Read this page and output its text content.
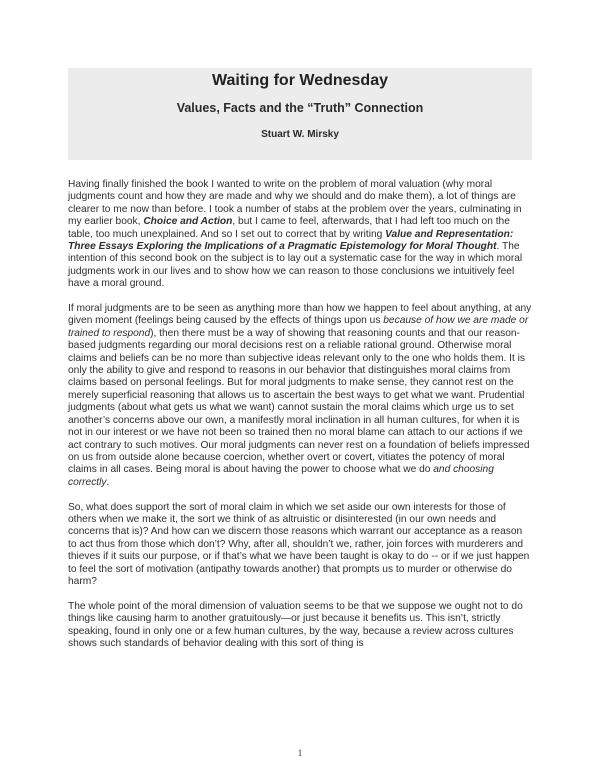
Waiting for Wednesday
Values, Facts and the “Truth” Connection
Stuart W. Mirsky

Having finally finished the book I wanted to write on the problem of moral valuation (why moral judgments count and how they are made and why we should and do make them), a lot of things are clearer to me now than before. I took a number of stabs at the problem over the years, culminating in my earlier book, Choice and Action, but I came to feel, afterwards, that I had left too much on the table, too much unexplained. And so I set out to correct that by writing Value and Representation: Three Essays Exploring the Implications of a Pragmatic Epistemology for Moral Thought. The intention of this second book on the subject is to lay out a systematic case for the way in which moral judgments work in our lives and to show how we can reason to those conclusions we intuitively feel have a moral ground.

If moral judgments are to be seen as anything more than how we happen to feel about anything, at any given moment (feelings being caused by the effects of things upon us because of how we are made or trained to respond), then there must be a way of showing that reasoning counts and that our reason-based judgments regarding our moral decisions rest on a reliable rational ground. Otherwise moral claims and beliefs can be no more than subjective ideas relevant only to the one who holds them. It is only the ability to give and respond to reasons in our behavior that distinguishes moral claims from claims based on personal feelings. But for moral judgments to make sense, they cannot rest on the merely superficial reasoning that allows us to ascertain the best ways to get what we want. Prudential judgments (about what gets us what we want) cannot sustain the moral claims which urge us to set another’s concerns above our own, a manifestly moral inclination in all human cultures, for when it is not in our interest or we have not been so trained then no moral blame can attach to our actions if we act contrary to such motives. Our moral judgments can never rest on a foundation of beliefs impressed on us from outside alone because coercion, whether overt or covert, vitiates the potency of moral claims in all cases. Being moral is about having the power to choose what we do and choosing correctly.

So, what does support the sort of moral claim in which we set aside our own interests for those of others when we make it, the sort we think of as altruistic or disinterested (in our own needs and concerns that is)? And how can we discern those reasons which warrant our acceptance as a reason to act thus from those which don’t? Why, after all, shouldn’t we, rather, join forces with murderers and thieves if it suits our purpose, or if that’s what we have been taught is okay to do -- or if we just happen to feel the sort of motivation (antipathy towards another) that prompts us to murder or otherwise do harm?

The whole point of the moral dimension of valuation seems to be that we suppose we ought not to do things like causing harm to another gratuitously—or just because it benefits us. This isn’t, strictly speaking, found in only one or a few human cultures, by the way, because a review across cultures shows such standards of behavior dealing with this sort of thing is

1
